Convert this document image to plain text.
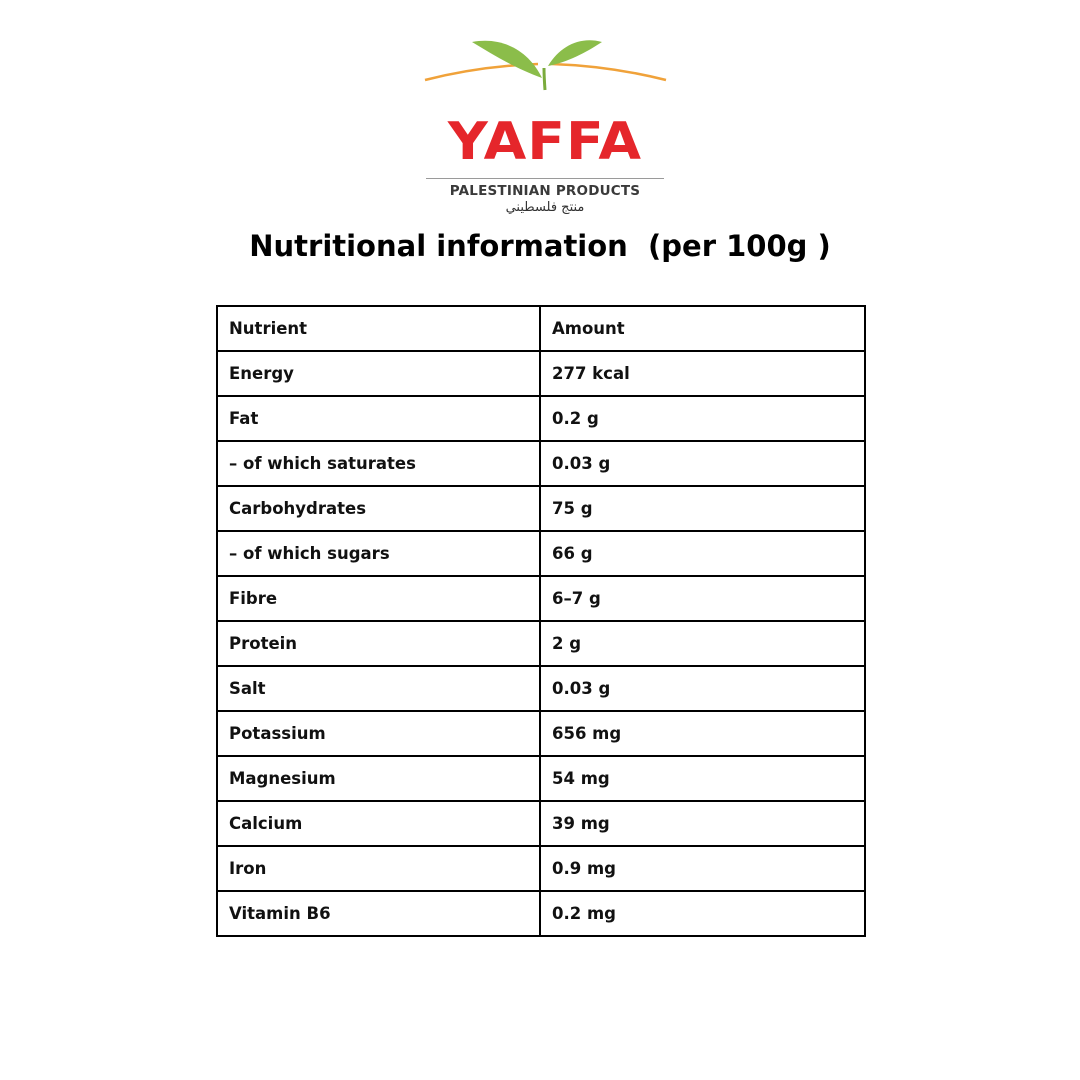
YAFFA
PALESTINIAN PRODUCTS
منتج فلسطيني
Nutritional information  (per 100g )
Nutrient	Amount
Energy	277 kcal
Fat	0.2 g
– of which saturates	0.03 g
Carbohydrates	75 g
– of which sugars	66 g
Fibre	6–7 g
Protein	2 g
Salt	0.03 g
Potassium	656 mg
Magnesium	54 mg
Calcium	39 mg
Iron	0.9 mg
Vitamin B6	0.2 mg
